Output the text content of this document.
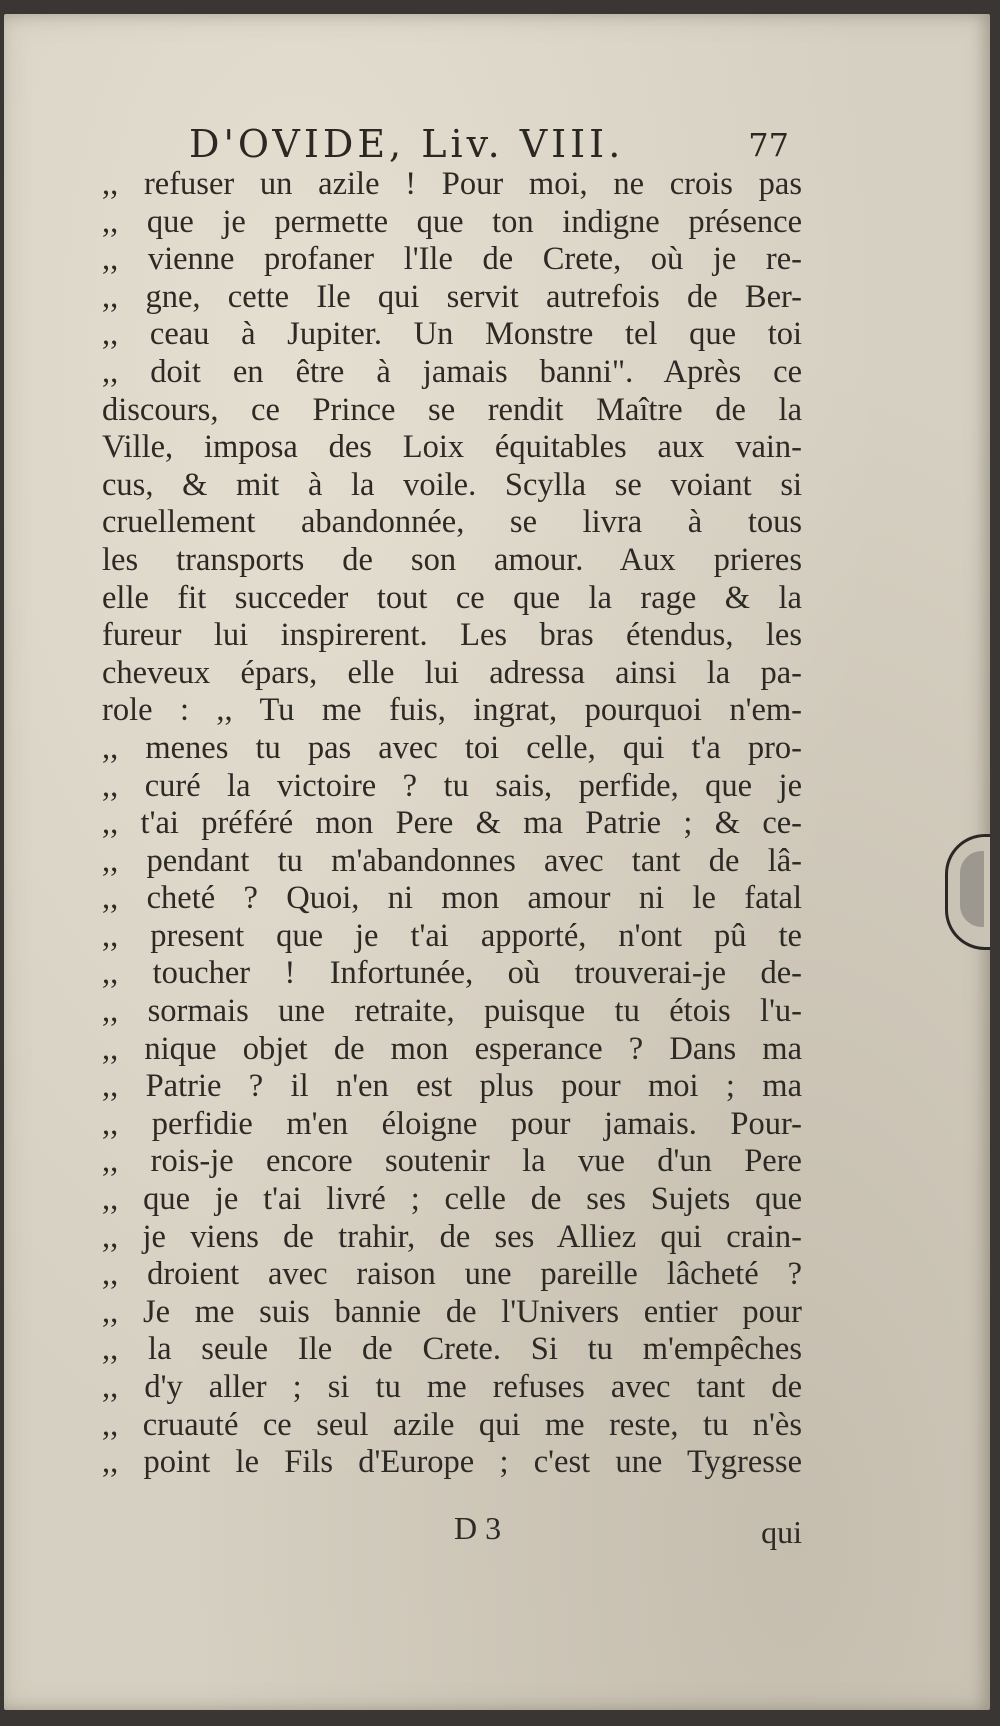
D'OVIDE, Liv. VIII.	77
,, refuser un azile ! Pour moi, ne crois pas
,, que je permette que ton indigne présence
,, vienne profaner l'Ile de Crete, où je re-
,, gne, cette Ile qui servit autrefois de Ber-
,, ceau à Jupiter. Un Monstre tel que toi
,, doit en être à jamais banni". Après ce
discours, ce Prince se rendit Maître de la
Ville, imposa des Loix équitables aux vain-
cus, & mit à la voile. Scylla se voiant si
cruellement abandonnée, se livra à tous
les transports de son amour. Aux prieres
elle fit succeder tout ce que la rage & la
fureur lui inspirerent. Les bras étendus, les
cheveux épars, elle lui adressa ainsi la pa-
role : ,, Tu me fuis, ingrat, pourquoi n'em-
,, menes tu pas avec toi celle, qui t'a pro-
,, curé la victoire ? tu sais, perfide, que je
,, t'ai préféré mon Pere & ma Patrie ; & ce-
,, pendant tu m'abandonnes avec tant de lâ-
,, cheté ? Quoi, ni mon amour ni le fatal
,, present que je t'ai apporté, n'ont pû te
,, toucher ! Infortunée, où trouverai-je de-
,, sormais une retraite, puisque tu étois l'u-
,, nique objet de mon esperance ? Dans ma
,, Patrie ? il n'en est plus pour moi ; ma
,, perfidie m'en éloigne pour jamais. Pour-
,, rois-je encore soutenir la vue d'un Pere
,, que je t'ai livré ; celle de ses Sujets que
,, je viens de trahir, de ses Alliez qui crain-
,, droient avec raison une pareille lâcheté ?
,, Je me suis bannie de l'Univers entier pour
,, la seule Ile de Crete. Si tu m'empêches
,, d'y aller ; si tu me refuses avec tant de
,, cruauté ce seul azile qui me reste, tu n'ès
,, point le Fils d'Europe ; c'est une Tygresse
D 3	qui
